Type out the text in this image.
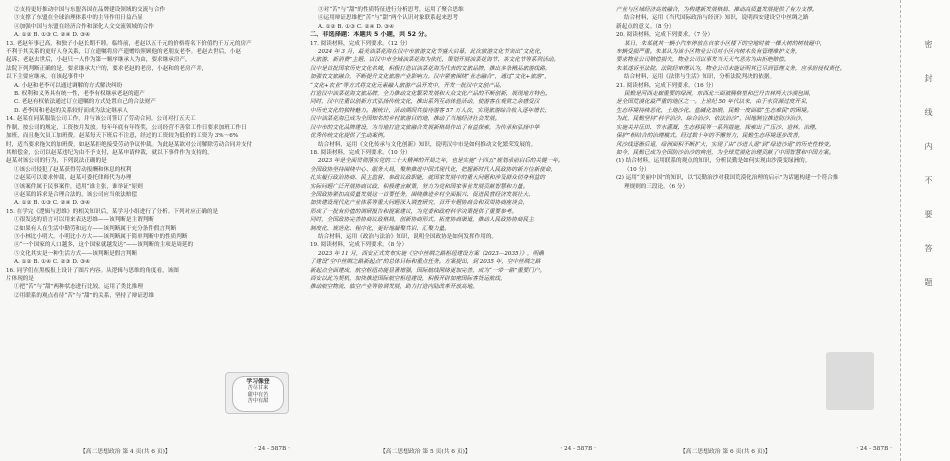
②支持更好推动中国与东盟各国在品牌建设领域的交流与合作

③支撑了东盟在全球治理体系中的主导作用日益凸显

④加强中国与东盟在经济合作和深化人文交流领域的合作

A. ①② B. ①③ C. ②④ D. ③④

13. 老赵年事已高，和独子小赵长期不睦。临终前，老赵以五千元的价格将名下价值约千万元的房产

不利于其关系的更好人身关系，订立遗嘱将房产遗赠给照顾他的老朋友老李。老赵去世后，小赵

起诉，老赵去世后，小赵只一人作为第一顺序继承人为由，要求继承房产。

法院下列判断正确的是，要求继承大户的，要求老赵的老房，小赵和的老房产并，

以下主要应继承，在该起事件中

A. 小赵和老李可以通过调解的方式解决纠纷

B. 权利和义务具有统一性，老李有权继承老赵的遗产

C. 老赵有权依法通过订立遗嘱的方式处置自己的合法财产

D. 老李因和老赵的关系较好而成为法定继承人

14. 赵某在同某服装公司工作，并与该公司签订了劳动合同。公司对打五天工

作制，按公司的规定，工资按月发放。每年年底有年终奖，公司经营不善常工作日要求加班工作日

加班，而且拖欠员工加班费。赵某每天下班后不注意，经过的工资较为低价的工资为 3%～6%

时，适当要求拖欠的加班费，如赵某拒绝接受劳动争议仲裁。为此赵某欲对公司解除劳动合同并支付

其赔偿金，公司以赵某违纪为由不予支付，赵某申请仲裁，就以下事件作为支持的。

赵某对该公司的行为，下列说法正确的是

①该公司侵犯了赵某获得劳动报酬和休息的权利

②赵某可以要求仲裁，赵某可委托律师代为办理

③该案件属于民事案件，适用“谁主张，谁举证”原则

④赵某的诉求是合理合法的，该公司应当依法赔偿

A. ①② B. ①③ C. ②④ D. ③④

15. 在学完《逻辑与思维》的相关知识后，某学习小组进行了分析。下列对应正确的是

①很发达的语言可以用来表达思维——该判断是主谓判断

②如果有人在生活中勤劳和远方——该判断属于充分条件假言判断

③小林比小明大，小明比小方大——该判断属于简单判断中的性质判断

④“一个国家的人口越多，这个国家就越发达”——该判断的主项是周延的

⑤文化其实是一种生活方式——该判断是假言判断

A. ①② B. ①④ C. ②③ D. ③④

16. 同学们在黑板报上设计了图片内容。从逻辑与思维的角度看，该图

片体现的是

①把“苦”与“甜”两种状态进行比较，运用了类比推理

②用联系的观点看待“苦”与“甜”的关系，坚持了辩证思维

③对“苦”与“甜”的性质特征进行分析思考，运用了聚合思维

④运用辩证思维把“苦”与“甜”两个认识对象联系起来思考

A. ①② B. ①③ C. ②④ D. ③④

二、非选择题：本题共 5 小题，共 52 分。

17. 阅读材料，完成下列要求。（12 分）

2024 年 3 月，最美油菜花海在汉中市旅游文化节盛大启幕，此次旅游文化节突出“文化化，

大旅游、新消费”主题，以汉中市全域油菜花海为依托，策划开展油菜花海节、茶文化节等系列活动。

汉中是首批国家历史文化名城，积极打造以油菜花海为代表的文旅品牌，推出多条精品旅游线路，

加强农文旅融合，不断提升文化旅游产业影响力。汉中紧密围绕“业态融合”，通过“文化+旅游”，

“文化+农业”等方式将文化元素融入旅游产品开发中，开发一批汉中文创产品，

打造汉中油菜花海文旅品牌，全力推动文化繁荣发展和大众文化产品的不断创新，展现地方特色。

同时，汉中注重以创新方式弘扬传统文化，推出系列互动体验活动，使游客在观赏之余感受汉

中历史文化的独特魅力。据统计，活动期间共接待游客 57 万人次，实现旅游综合收入逐年增长，

汉中油菜花海已成为全国知名的乡村旅游目的地，推动了当地经济社会发展。

汉中市的文化品牌建设，为当地打造文旅融合发展新格局作出了有益探索，为传承和弘扬中华

优秀传统文化提供了生动案例。

结合材料，运用《文化传承与文化创新》知识，说明汉中市是如何推动文化繁荣发展的。

18. 阅读材料，完成下列要求。（10 分）

2023 年是全面贯彻落实党的二十大精神的开局之年，也是实施“十四五”规划承前启后的关键一年。

全国政协坚持围绕中心、服务大局，聚焦推进中国式现代化，把握新时代人民政协的新方位新使命，

扎实履行政治协商、民主监督、参政议政职能，就国家发展中的重大问题和涉及群众切身利益的

实际问题广泛开展协商议政，积极建言献策，努力为党和国家事业发展贡献智慧和力量。

全国政协紧扣高质量发展这一首要任务，围绕推进乡村全面振兴、促进民营经济发展壮大、

加快建设现代化产业体系等重大问题深入调查研究，召开专题协商会和双周协商座谈会，

形成了一批有价值的调研报告和提案建议，为党委和政府科学决策提供了重要参考。

同时，全国政协完善协商议政格局，创新协商形式，拓宽协商渠道，推动人民政协协商民主

制度化、规范化、程序化，更好地凝聚共识、汇聚力量。

结合材料，运用《政治与法治》知识，说明全国政协是如何发挥作用的。

19. 阅读材料，完成下列要求。（8 分）

2023 年 11 月，西安正式发布实施《空中丝绸之路枢纽建设方案（2023—2035）》，明确

了建设“空中丝绸之路新起点”的总体目标和重点任务。方案提出，到 2035 年，空中丝绸之路

新起点全面建成，航空枢纽功能显著增强，国际航线网络更加完善，成为“一带一路”重要门户。

西安以此为契机，加快推进国际航空枢纽建设，积极开辟加密国际客货运航线，

推动航空物流、临空产业等协调发展，助力打造内陆改革开放高地。

产业与区域经济高效融合，为构建新发展格局、推动高质量发展提供了有力支撑。

结合材料，运用《当代国际政治与经济》知识，说明西安建设空中丝绸之路

新起点的意义。（8 分）

20. 阅读材料，完成下列要求。（7 分）

某日，朱某就其一辆小汽车停放在自家小区楼下的空地时被一棵大树的树枝砸中，

车辆受损严重。朱某认为该小区物业公司对小区内树木负有管理维护义务，

要求物业公司赔偿损失，物业公司以事发当天天气恶劣为由拒绝赔偿。

朱某遂诉至法院。法院经审理认为，物业公司未能证明其已尽到管理义务，应承担侵权责任。

结合材料，运用《法律与生活》知识，分析法院判决的依据。

21. 阅读材料，完成下列要求。（16 分）

民勤是河西走廊重要的绿洲，东西北三面被腾格里和巴丹吉林两大沙漠包围，

是全国荒漠化最严重的地区之一。上世纪 50 年代以来，由于水资源过度开采，

生态环境持续恶化，土地沙化、盐碱化加剧，民勤一度面临“生态难民”的困境。

为此，民勤坚持“科学治沙、综合治沙、依法治沙”，因地制宜推进防沙治沙，

实施关井压田、节水灌溉、生态移民等一系列措施，探索出了“压沙、造林、治理、

保护”相结合的治理模式。经过数十年的不懈努力，民勤生态环境逐步改善，

风沙线逐渐后退，绿洲面积不断扩大，实现了由“沙进人退”到“绿进沙退”的历史性转变。

如今，民勤已成为全国防沙治沙的典范，为全球荒漠化治理贡献了中国智慧和中国方案。

(1) 结合材料，运用联系的观点的知识，分析民勤是如何实现由沙漠变绿洲的。

（10 分）

(2) 运用“美丽中国”的知识，以“民勤治沙对我国荒漠化治理的启示”为话题构建一个符合推

理规则的三段论。（6 分）

学习像登
苦尽甘来
甜中有苦
苦中有甜
【高二思想政治 第 4 页(共 6 页)】	· 24 - 587B ·	【高二思想政治 第 5 页(共 6 页)】	· 24 - 587B ·	【高二思想政治 第 6 页(共 6 页)】	· 24 - 587B ·
密
封
线
内
不
要
答
题
